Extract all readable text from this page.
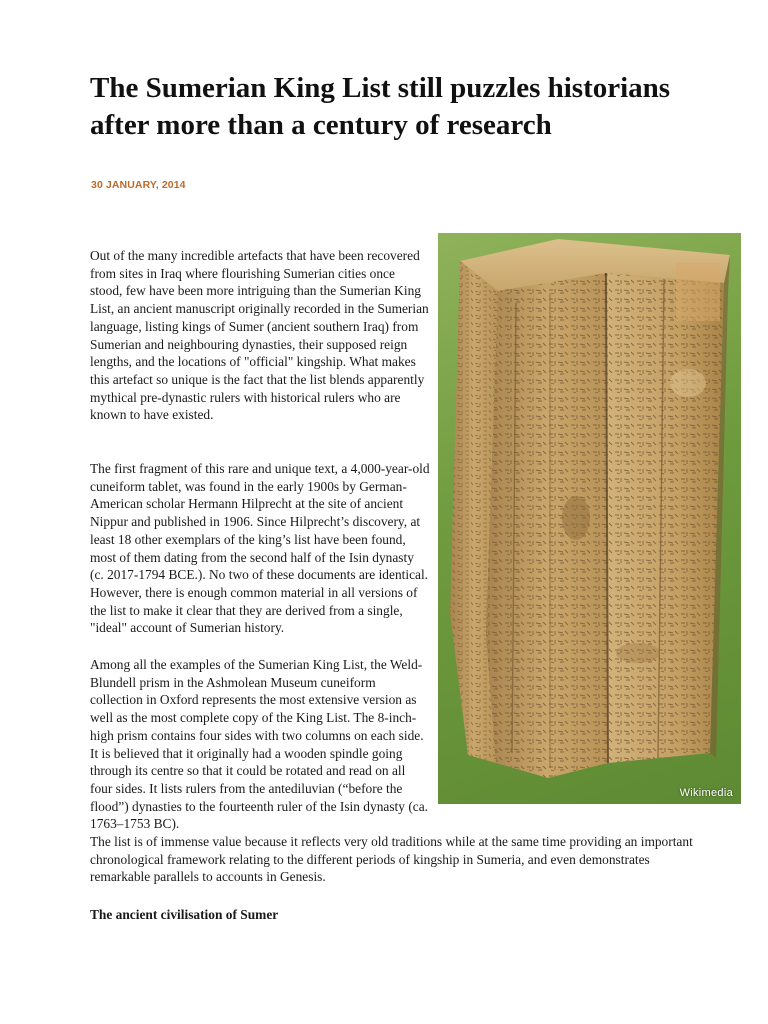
The Sumerian King List still puzzles historians after more than a century of research
30 JANUARY, 2014
Wikimedia

Out of the many incredible artefacts that have been recovered from sites in Iraq where flourishing Sumerian cities once stood, few have been more intriguing than the Sumerian King List, an ancient manuscript originally recorded in the Sumerian language, listing kings of Sumer (ancient southern Iraq) from Sumerian and neighbouring dynasties, their supposed reign lengths, and the locations of "official" kingship. What makes this artefact so unique is the fact that the list blends apparently mythical pre-dynastic rulers with historical rulers who are known to have existed.

The first fragment of this rare and unique text, a 4,000-year-old cuneiform tablet, was found in the early 1900s by German-American scholar Hermann Hilprecht at the site of ancient Nippur and published in 1906. Since Hilprecht’s discovery, at least 18 other exemplars of the king’s list have been found, most of them dating from the second half of the Isin dynasty (c. 2017-1794 BCE.). No two of these documents are identical. However, there is enough common material in all versions of the list to make it clear that they are derived from a single, "ideal" account of Sumerian history.

Among all the examples of the Sumerian King List, the Weld-Blundell prism in the Ashmolean Museum cuneiform collection in Oxford represents the most extensive version as well as the most complete copy of the King List. The 8-inch-high prism contains four sides with two columns on each side. It is believed that it originally had a wooden spindle going through its centre so that it could be rotated and read on all four sides. It lists rulers from the antediluvian (“before the flood”) dynasties to the fourteenth ruler of the Isin dynasty (ca. 1763–1753 BC).

The list is of immense value because it reflects very old traditions while at the same time providing an important chronological framework relating to the different periods of kingship in Sumeria, and even demonstrates remarkable parallels to accounts in Genesis.

The ancient civilisation of Sumer
